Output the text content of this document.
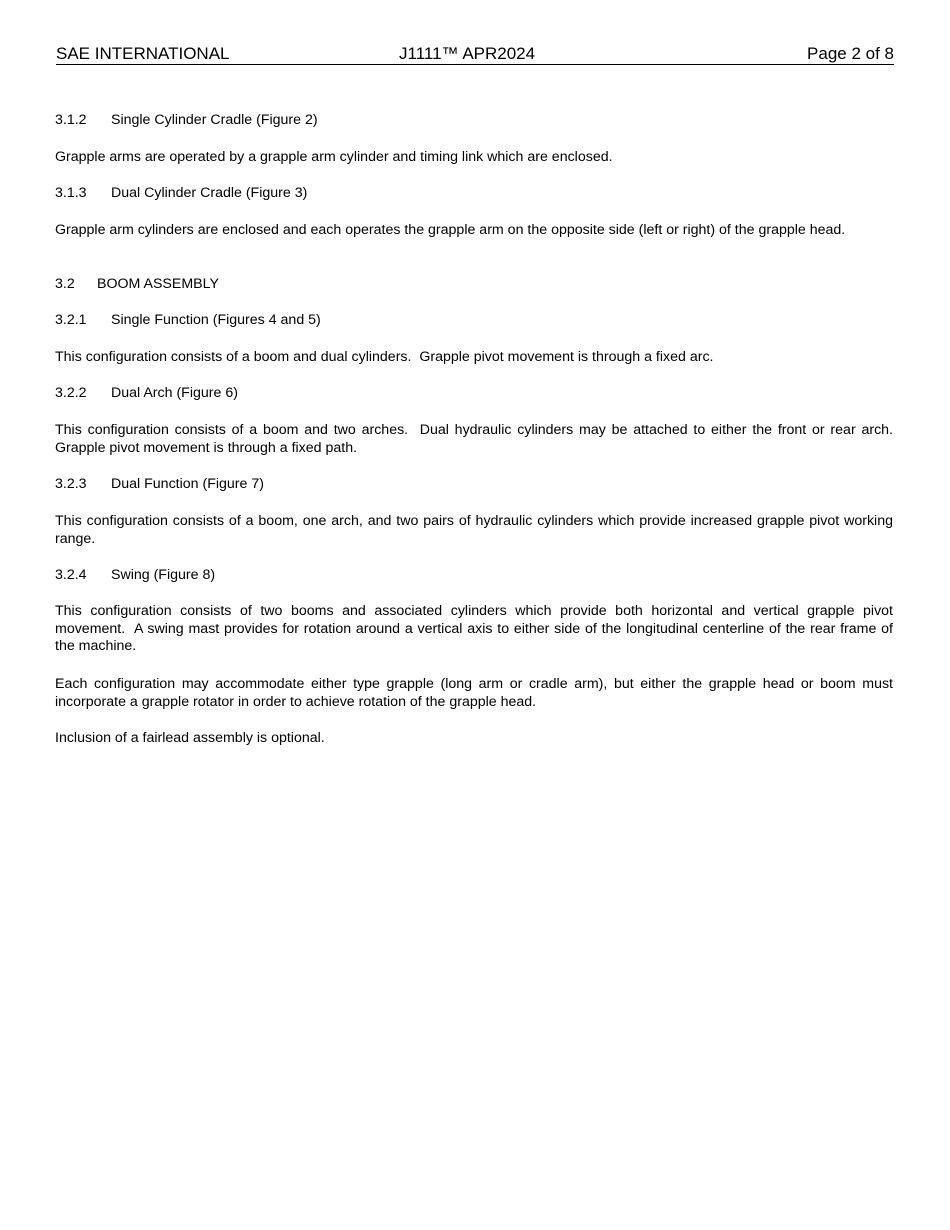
SAE INTERNATIONAL	J1111™ APR2024	Page 2 of 8

3.1.2 Single Cylinder Cradle (Figure 2)

Grapple arms are operated by a grapple arm cylinder and timing link which are enclosed.

3.1.3 Dual Cylinder Cradle (Figure 3)

Grapple arm cylinders are enclosed and each operates the grapple arm on the opposite side (left or right) of the grapple head.

3.2 BOOM ASSEMBLY

3.2.1 Single Function (Figures 4 and 5)

This configuration consists of a boom and dual cylinders.  Grapple pivot movement is through a fixed arc.

3.2.2 Dual Arch (Figure 6)

This configuration consists of a boom and two arches.  Dual hydraulic cylinders may be attached to either the front or rear arch.  Grapple pivot movement is through a fixed path.

3.2.3 Dual Function (Figure 7)

This configuration consists of a boom, one arch, and two pairs of hydraulic cylinders which provide increased grapple pivot working range.

3.2.4 Swing (Figure 8)

This configuration consists of two booms and associated cylinders which provide both horizontal and vertical grapple pivot movement.  A swing mast provides for rotation around a vertical axis to either side of the longitudinal centerline of the rear frame of the machine.

Each configuration may accommodate either type grapple (long arm or cradle arm), but either the grapple head or boom must incorporate a grapple rotator in order to achieve rotation of the grapple head.

Inclusion of a fairlead assembly is optional.
